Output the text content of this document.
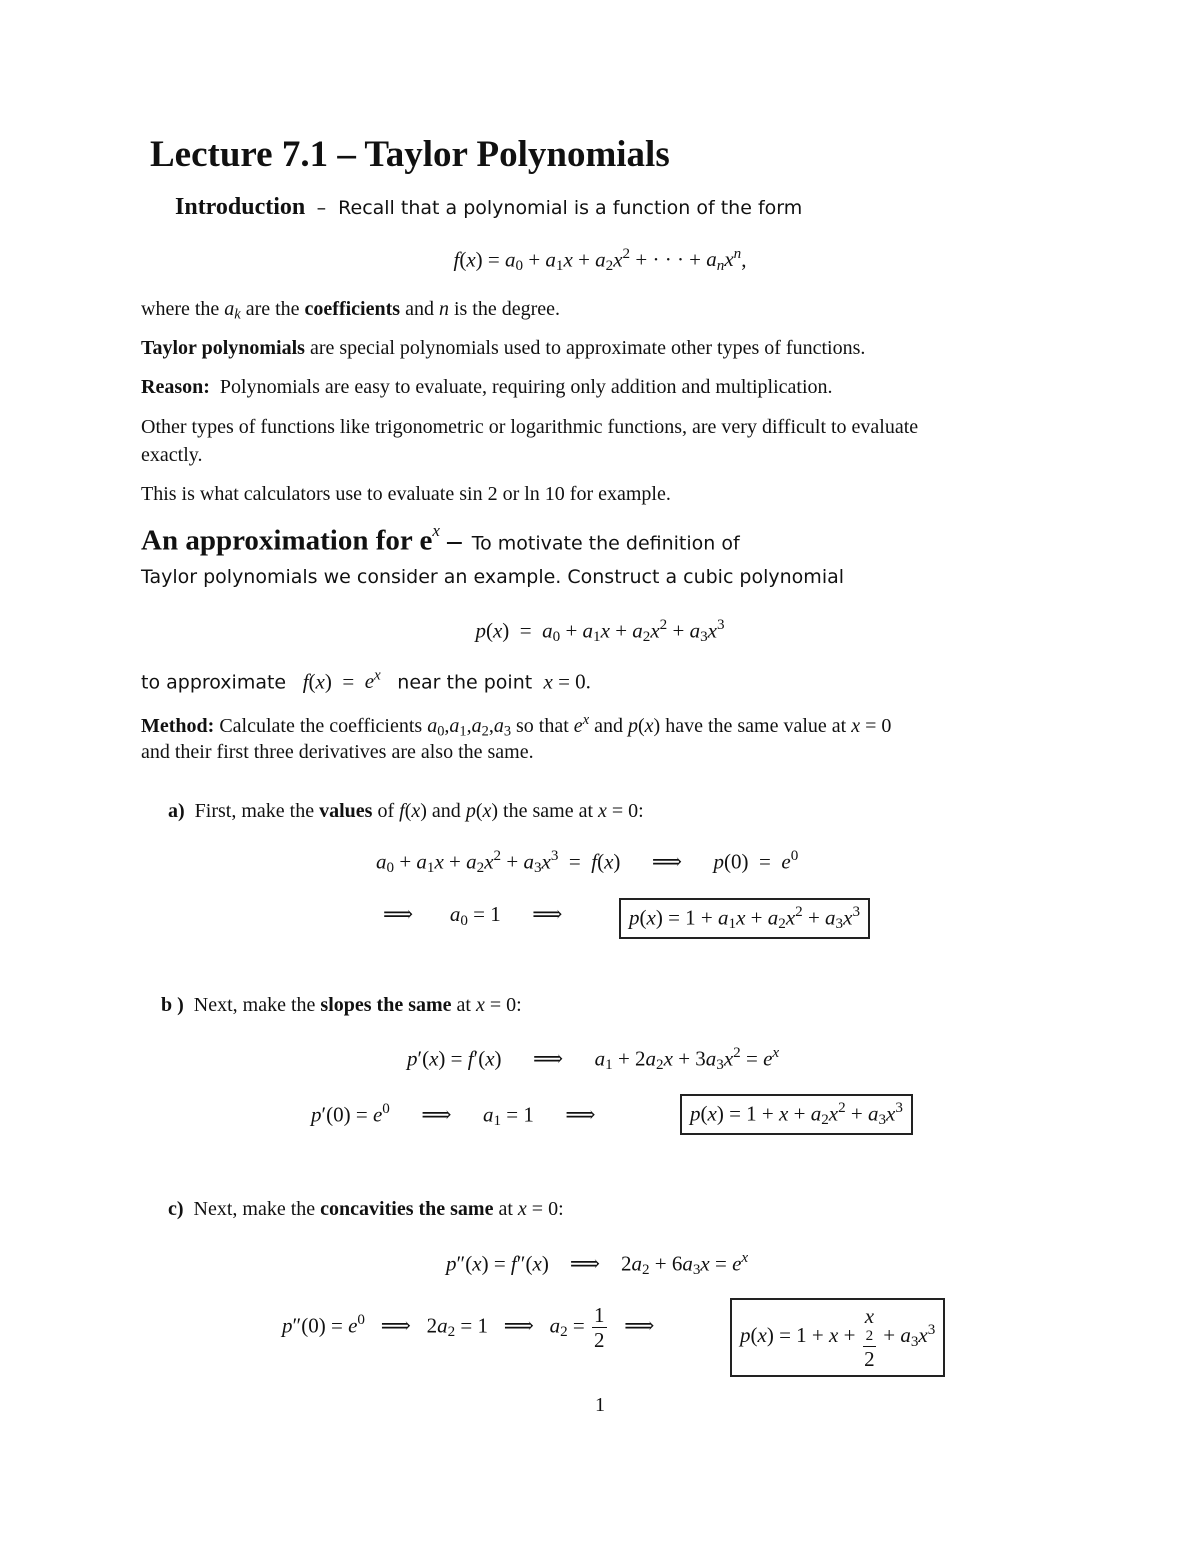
Lecture 7.1 – Taylor Polynomials
Introduction – Recall that a polynomial is a function of the form
$f(x) = a_0 + a_1x + a_2x^2$ + · · · + $a_nx^n$,
where the $a_k$ are the coefficients and n is the degree.
Taylor polynomials are special polynomials used to approximate other types of functions.
Reason:  Polynomials are easy to evaluate, requiring only addition and multiplication.
Other types of functions like trigonometric or logarithmic functions, are very difficult to evaluate
exactly.
This is what calculators use to evaluate sin 2 or ln 10 for example.
An approximation for ex – To motivate the definition of
Taylor polynomials we consider an example. Construct a cubic polynomial
$p(x) = a_0 + a_1x + a_2x^2 + a_3x^3$
to approximate $f(x) = e^x$ near the point x = 0.
Method: Calculate the coefficients $a_0,a_1,a_2,a_3$ so that $e^x$ and p(x) have the same value at x = 0
and their first three derivatives are also the same.
a) First, make the values of f(x) and p(x) the same at x = 0:
$a_0 + a_1x + a_2x^2 + a_3x^3 = f(x)$      ⟹      $p(0) = e^0$
⟹       $a_0 = 1$      ⟹	$p(x) = 1 + a_1x + a_2x^2 + a_3x^3$
b ) Next, make the slopes the same at x = 0:
p′(x) = f′(x)      ⟹      $a_1 + 2a_2x + 3a_3x^2 = e^x$
$p'(0) = e^0$      ⟹      $a_1 = 1$      ⟹	$p(x) = 1 + x + a_2x^2 + a_3x^3$
c) Next, make the concavities the same at x = 0:
p″(x) = f″(x)    ⟹    $2a_2 + 6a_3x = e^x$
$p''(0) = e^0$   ⟹   $2a_2 = 1$   ⟹   $a_2 = \frac{1}{2}$ ⟹	p(x) = 1 + x + x
2
$2 + a_3x^3$
1
